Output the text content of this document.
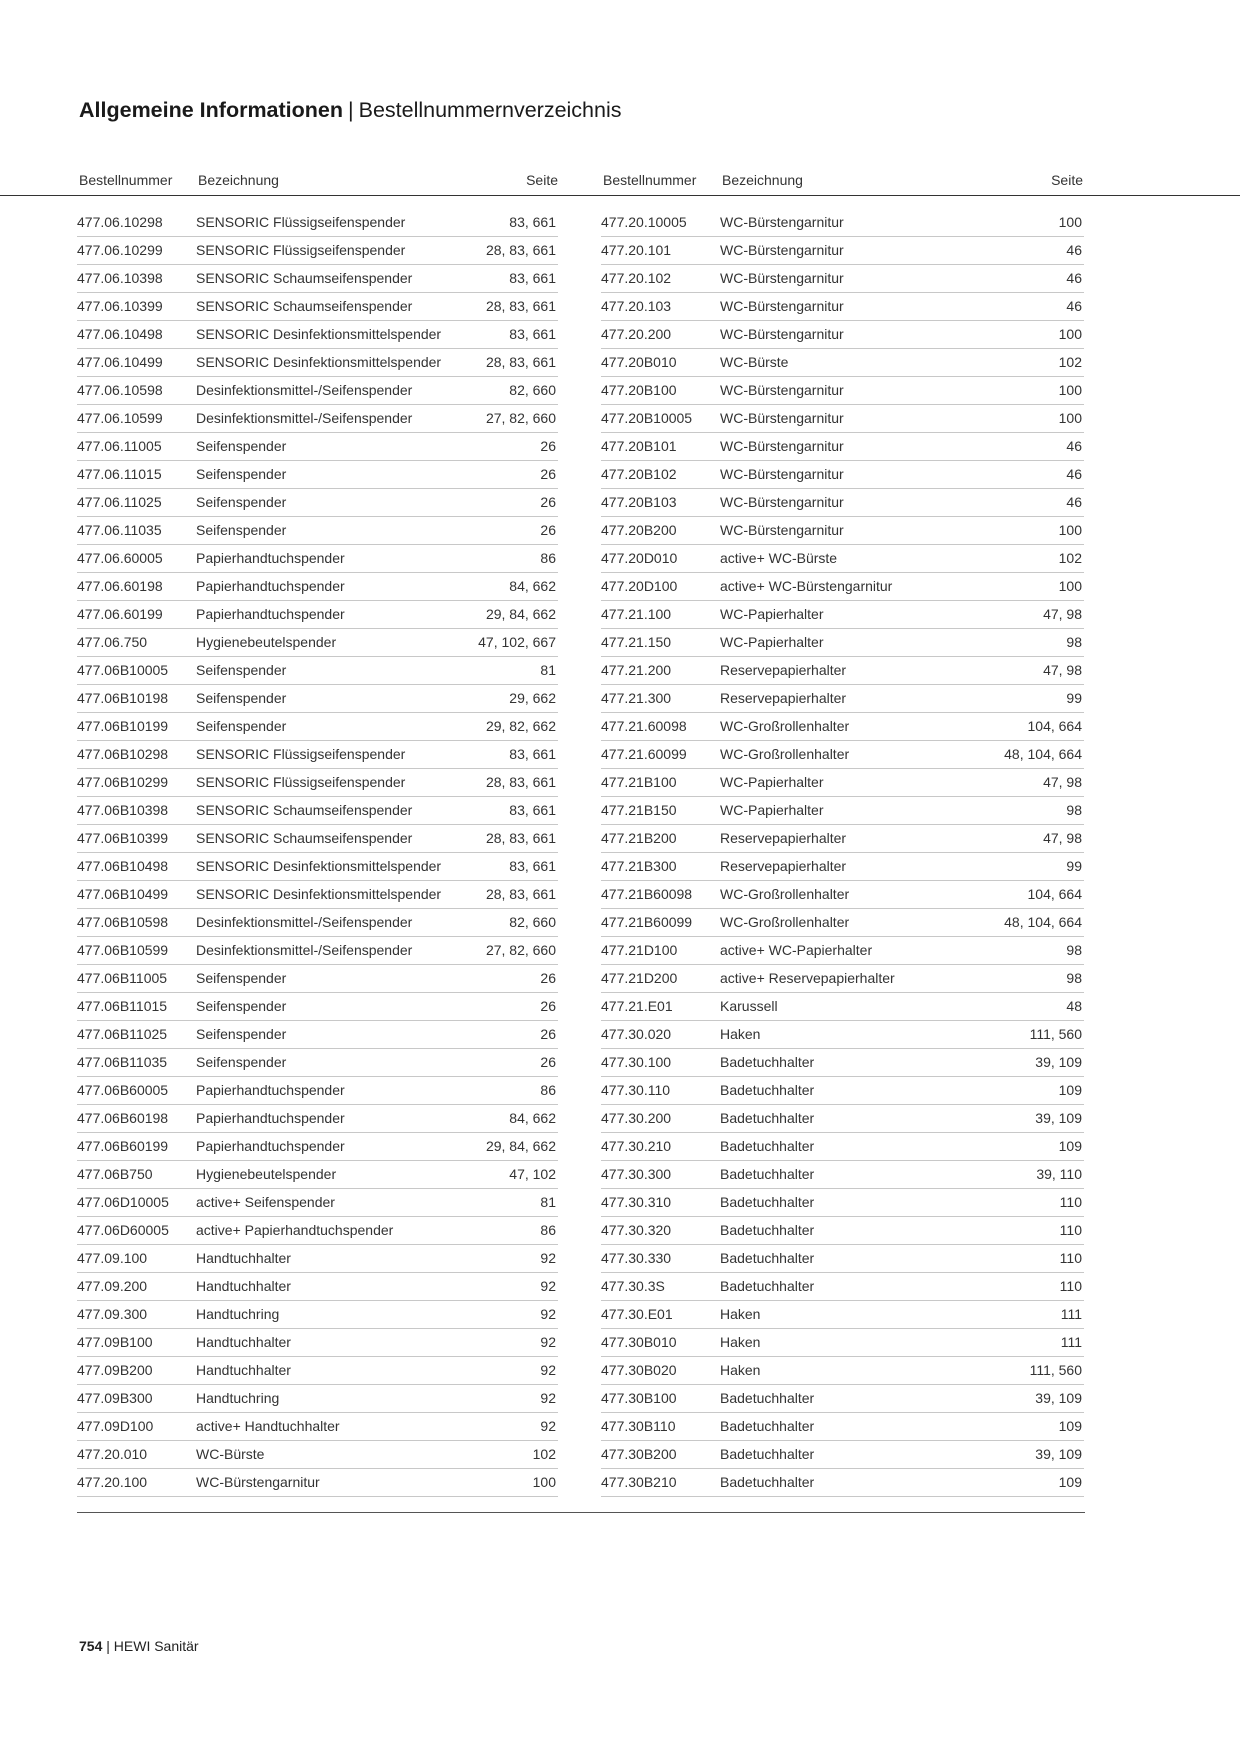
Allgemeine Informationen | Bestellnummernverzeichnis
Bestellnummer Bezeichnung	Seite	Bestellnummer Bezeichnung	Seite
477.06.10298 SENSORIC Flüssigseifenspender	83, 661
477.06.10299 SENSORIC Flüssigseifenspender	28, 83, 661
477.06.10398 SENSORIC Schaumseifenspender	83, 661
477.06.10399 SENSORIC Schaumseifenspender	28, 83, 661
477.06.10498 SENSORIC Desinfektionsmittelspender	83, 661
477.06.10499 SENSORIC Desinfektionsmittelspender	28, 83, 661
477.06.10598 Desinfektionsmittel-/Seifenspender	82, 660
477.06.10599 Desinfektionsmittel-/Seifenspender	27, 82, 660
477.06.11005 Seifenspender	26
477.06.11015 Seifenspender	26
477.06.11025 Seifenspender	26
477.06.11035 Seifenspender	26
477.06.60005 Papierhandtuchspender	86
477.06.60198 Papierhandtuchspender	84, 662
477.06.60199 Papierhandtuchspender	29, 84, 662
477.06.750	Hygienebeutelspender	47, 102, 667
477.06B10005 Seifenspender	81
477.06B10198 Seifenspender	29, 662
477.06B10199 Seifenspender	29, 82, 662
477.06B10298 SENSORIC Flüssigseifenspender	83, 661
477.06B10299 SENSORIC Flüssigseifenspender	28, 83, 661
477.06B10398 SENSORIC Schaumseifenspender	83, 661
477.06B10399 SENSORIC Schaumseifenspender	28, 83, 661
477.06B10498 SENSORIC Desinfektionsmittelspender	83, 661
477.06B10499 SENSORIC Desinfektionsmittelspender	28, 83, 661
477.06B10598 Desinfektionsmittel-/Seifenspender	82, 660
477.06B10599 Desinfektionsmittel-/Seifenspender	27, 82, 660
477.06B11005 Seifenspender	26
477.06B11015 Seifenspender	26
477.06B11025 Seifenspender	26
477.06B11035 Seifenspender	26
477.06B60005 Papierhandtuchspender	86
477.06B60198 Papierhandtuchspender	84, 662
477.06B60199 Papierhandtuchspender	29, 84, 662
477.06B750	Hygienebeutelspender	47, 102
477.06D10005 active+ Seifenspender	81
477.06D60005 active+ Papierhandtuchspender	86
477.09.100	Handtuchhalter	92
477.09.200	Handtuchhalter	92
477.09.300	Handtuchring	92
477.09B100	Handtuchhalter	92
477.09B200	Handtuchhalter	92
477.09B300	Handtuchring	92
477.09D100	active+ Handtuchhalter	92
477.20.010	WC-Bürste	102
477.20.100	WC-Bürstengarnitur	100
477.20.10005 WC-Bürstengarnitur	100
477.20.101	WC-Bürstengarnitur	46
477.20.102	WC-Bürstengarnitur	46
477.20.103	WC-Bürstengarnitur	46
477.20.200	WC-Bürstengarnitur	100
477.20B010	WC-Bürste	102
477.20B100	WC-Bürstengarnitur	100
477.20B10005 WC-Bürstengarnitur	100
477.20B101	WC-Bürstengarnitur	46
477.20B102	WC-Bürstengarnitur	46
477.20B103	WC-Bürstengarnitur	46
477.20B200	WC-Bürstengarnitur	100
477.20D010	active+ WC-Bürste	102
477.20D100	active+ WC-Bürstengarnitur	100
477.21.100	WC-Papierhalter	47, 98
477.21.150	WC-Papierhalter	98
477.21.200	Reservepapierhalter	47, 98
477.21.300	Reservepapierhalter	99
477.21.60098 WC-Großrollenhalter	104, 664
477.21.60099 WC-Großrollenhalter	48, 104, 664
477.21B100	WC-Papierhalter	47, 98
477.21B150	WC-Papierhalter	98
477.21B200	Reservepapierhalter	47, 98
477.21B300	Reservepapierhalter	99
477.21B60098 WC-Großrollenhalter	104, 664
477.21B60099 WC-Großrollenhalter	48, 104, 664
477.21D100	active+ WC-Papierhalter	98
477.21D200	active+ Reservepapierhalter	98
477.21.E01	Karussell	48
477.30.020	Haken	111, 560
477.30.100	Badetuchhalter	39, 109
477.30.110	Badetuchhalter	109
477.30.200	Badetuchhalter	39, 109
477.30.210	Badetuchhalter	109
477.30.300	Badetuchhalter	39, 110
477.30.310	Badetuchhalter	110
477.30.320	Badetuchhalter	110
477.30.330	Badetuchhalter	110
477.30.3S	Badetuchhalter	110
477.30.E01	Haken	111
477.30B010	Haken	111
477.30B020	Haken	111, 560
477.30B100	Badetuchhalter	39, 109
477.30B110	Badetuchhalter	109
477.30B200	Badetuchhalter	39, 109
477.30B210	Badetuchhalter	109
754 | HEWI Sanitär
